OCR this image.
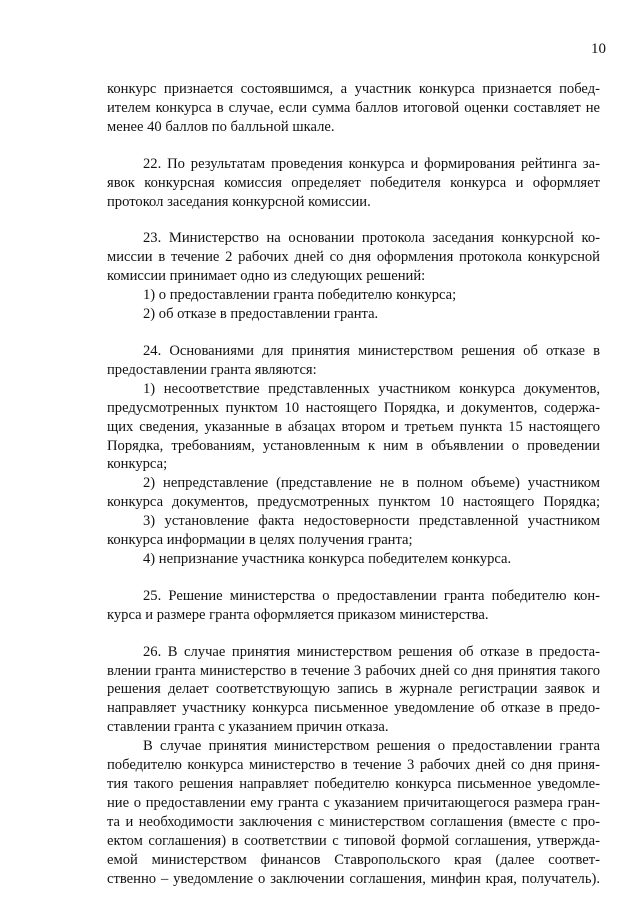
10
конкурс признается состоявшимся, а участник конкурса признается побед-
ителем конкурса в случае, если сумма баллов итоговой оценки составляет не
менее 40 баллов по балльной шкале.
22. По результатам проведения конкурса и формирования рейтинга за-
явок конкурсная комиссия определяет победителя конкурса и оформляет
протокол заседания конкурсной комиссии.
23. Министерство на основании протокола заседания конкурсной ко-
миссии в течение 2 рабочих дней со дня оформления протокола конкурсной
комиссии принимает одно из следующих решений:
1) о предоставлении гранта победителю конкурса;
2) об отказе в предоставлении гранта.
24. Основаниями для принятия министерством решения об отказе в
предоставлении гранта являются:
1) несоответствие представленных участником конкурса документов,
предусмотренных пунктом 10 настоящего Порядка, и документов, содержа-
щих сведения, указанные в абзацах втором и третьем пункта 15 настоящего
Порядка, требованиям, установленным к ним в объявлении о проведении
конкурса;
2) непредставление (представление не в полном объеме) участником
конкурса документов, предусмотренных пунктом 10 настоящего Порядка;
3) установление факта недостоверности представленной участником
конкурса информации в целях получения гранта;
4) непризнание участника конкурса победителем конкурса.
25. Решение министерства о предоставлении гранта победителю кон-
курса и размере гранта оформляется приказом министерства.
26. В случае принятия министерством решения об отказе в предоста-
влении гранта министерство в течение 3 рабочих дней со дня принятия такого
решения делает соответствующую запись в журнале регистрации заявок и
направляет участнику конкурса письменное уведомление об отказе в предо-
ставлении гранта с указанием причин отказа.
В случае принятия министерством решения о предоставлении гранта
победителю конкурса министерство в течение 3 рабочих дней со дня приня-
тия такого решения направляет победителю конкурса письменное уведомле-
ние о предоставлении ему гранта с указанием причитающегося размера гран-
та и необходимости заключения с министерством соглашения (вместе с про-
ектом соглашения) в соответствии с типовой формой соглашения, утвержда-
емой министерством финансов Ставропольского края (далее соответ-
ственно – уведомление о заключении соглашения, минфин края, получатель).
